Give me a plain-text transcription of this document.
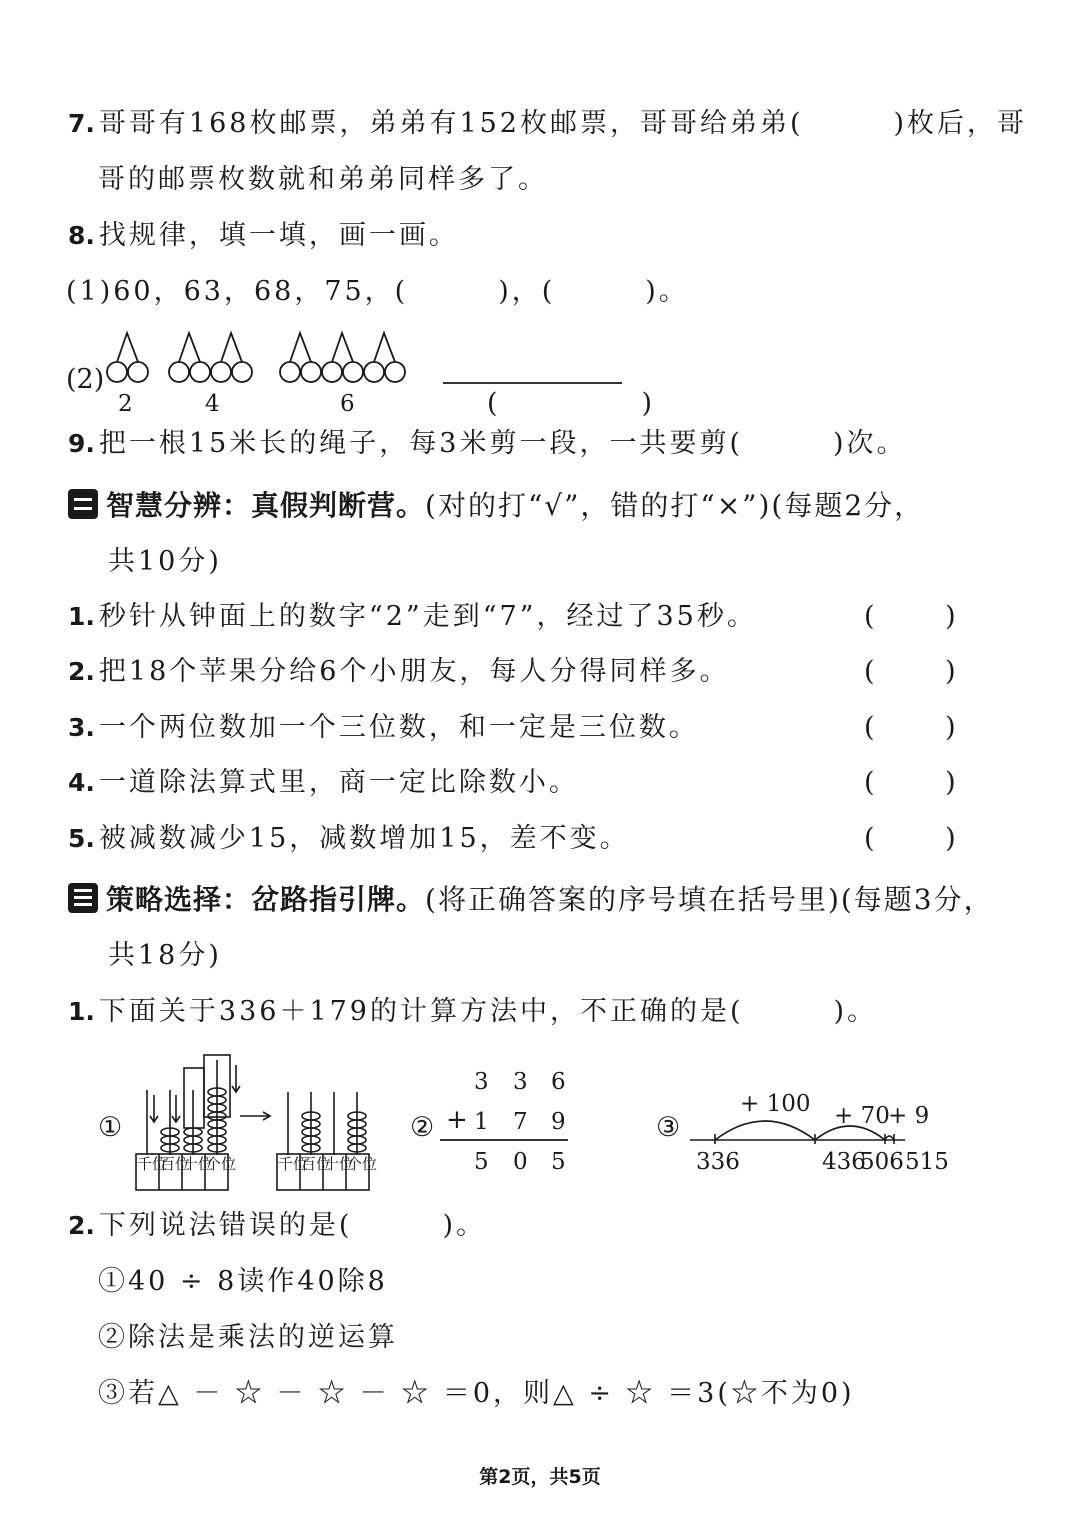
7. 哥哥有168枚邮票，弟弟有152枚邮票，哥哥给弟弟(　　　)枚后，哥
哥的邮票枚数就和弟弟同样多了。
8. 找规律，填一填，画一画。
(1)60，63，68，75，(　　　)，(　　　)。
(2)
2	4	6	(　　)
9. 把一根15米长的绳子，每3米剪一段，一共要剪(　　　)次。
智慧分辨：真假判断营。(对的打“√”，错的打“×”)(每题2分，
共10分)
1. 秒针从钟面上的数字“2”走到“7”，经过了35秒。	( )
2. 把18个苹果分给6个小朋友，每人分得同样多。	( )
3. 一个两位数加一个三位数，和一定是三位数。	( )
4. 一道除法算式里，商一定比除数小。	( )
5. 被减数减少15，减数增加15，差不变。	( )
策略选择：岔路指引牌。(将正确答案的序号填在括号里)(每题3分，
共18分)
1. 下面关于336＋179的计算方法中，不正确的是(　　　)。
①
千位
百位
十位
个位	千位
百位
十位
个位
②
3 3 6
+ 1 7 9
5 0 5
③
+ 100 + 70
+ 9
336	436
506 515
2. 下列说法错误的是(　　　)。
①40 ÷ 8读作40除8
②除法是乘法的逆运算
③若△ － ☆ － ☆ － ☆ ＝0，则△ ÷ ☆ ＝3(☆不为0)
第2页，共5页
